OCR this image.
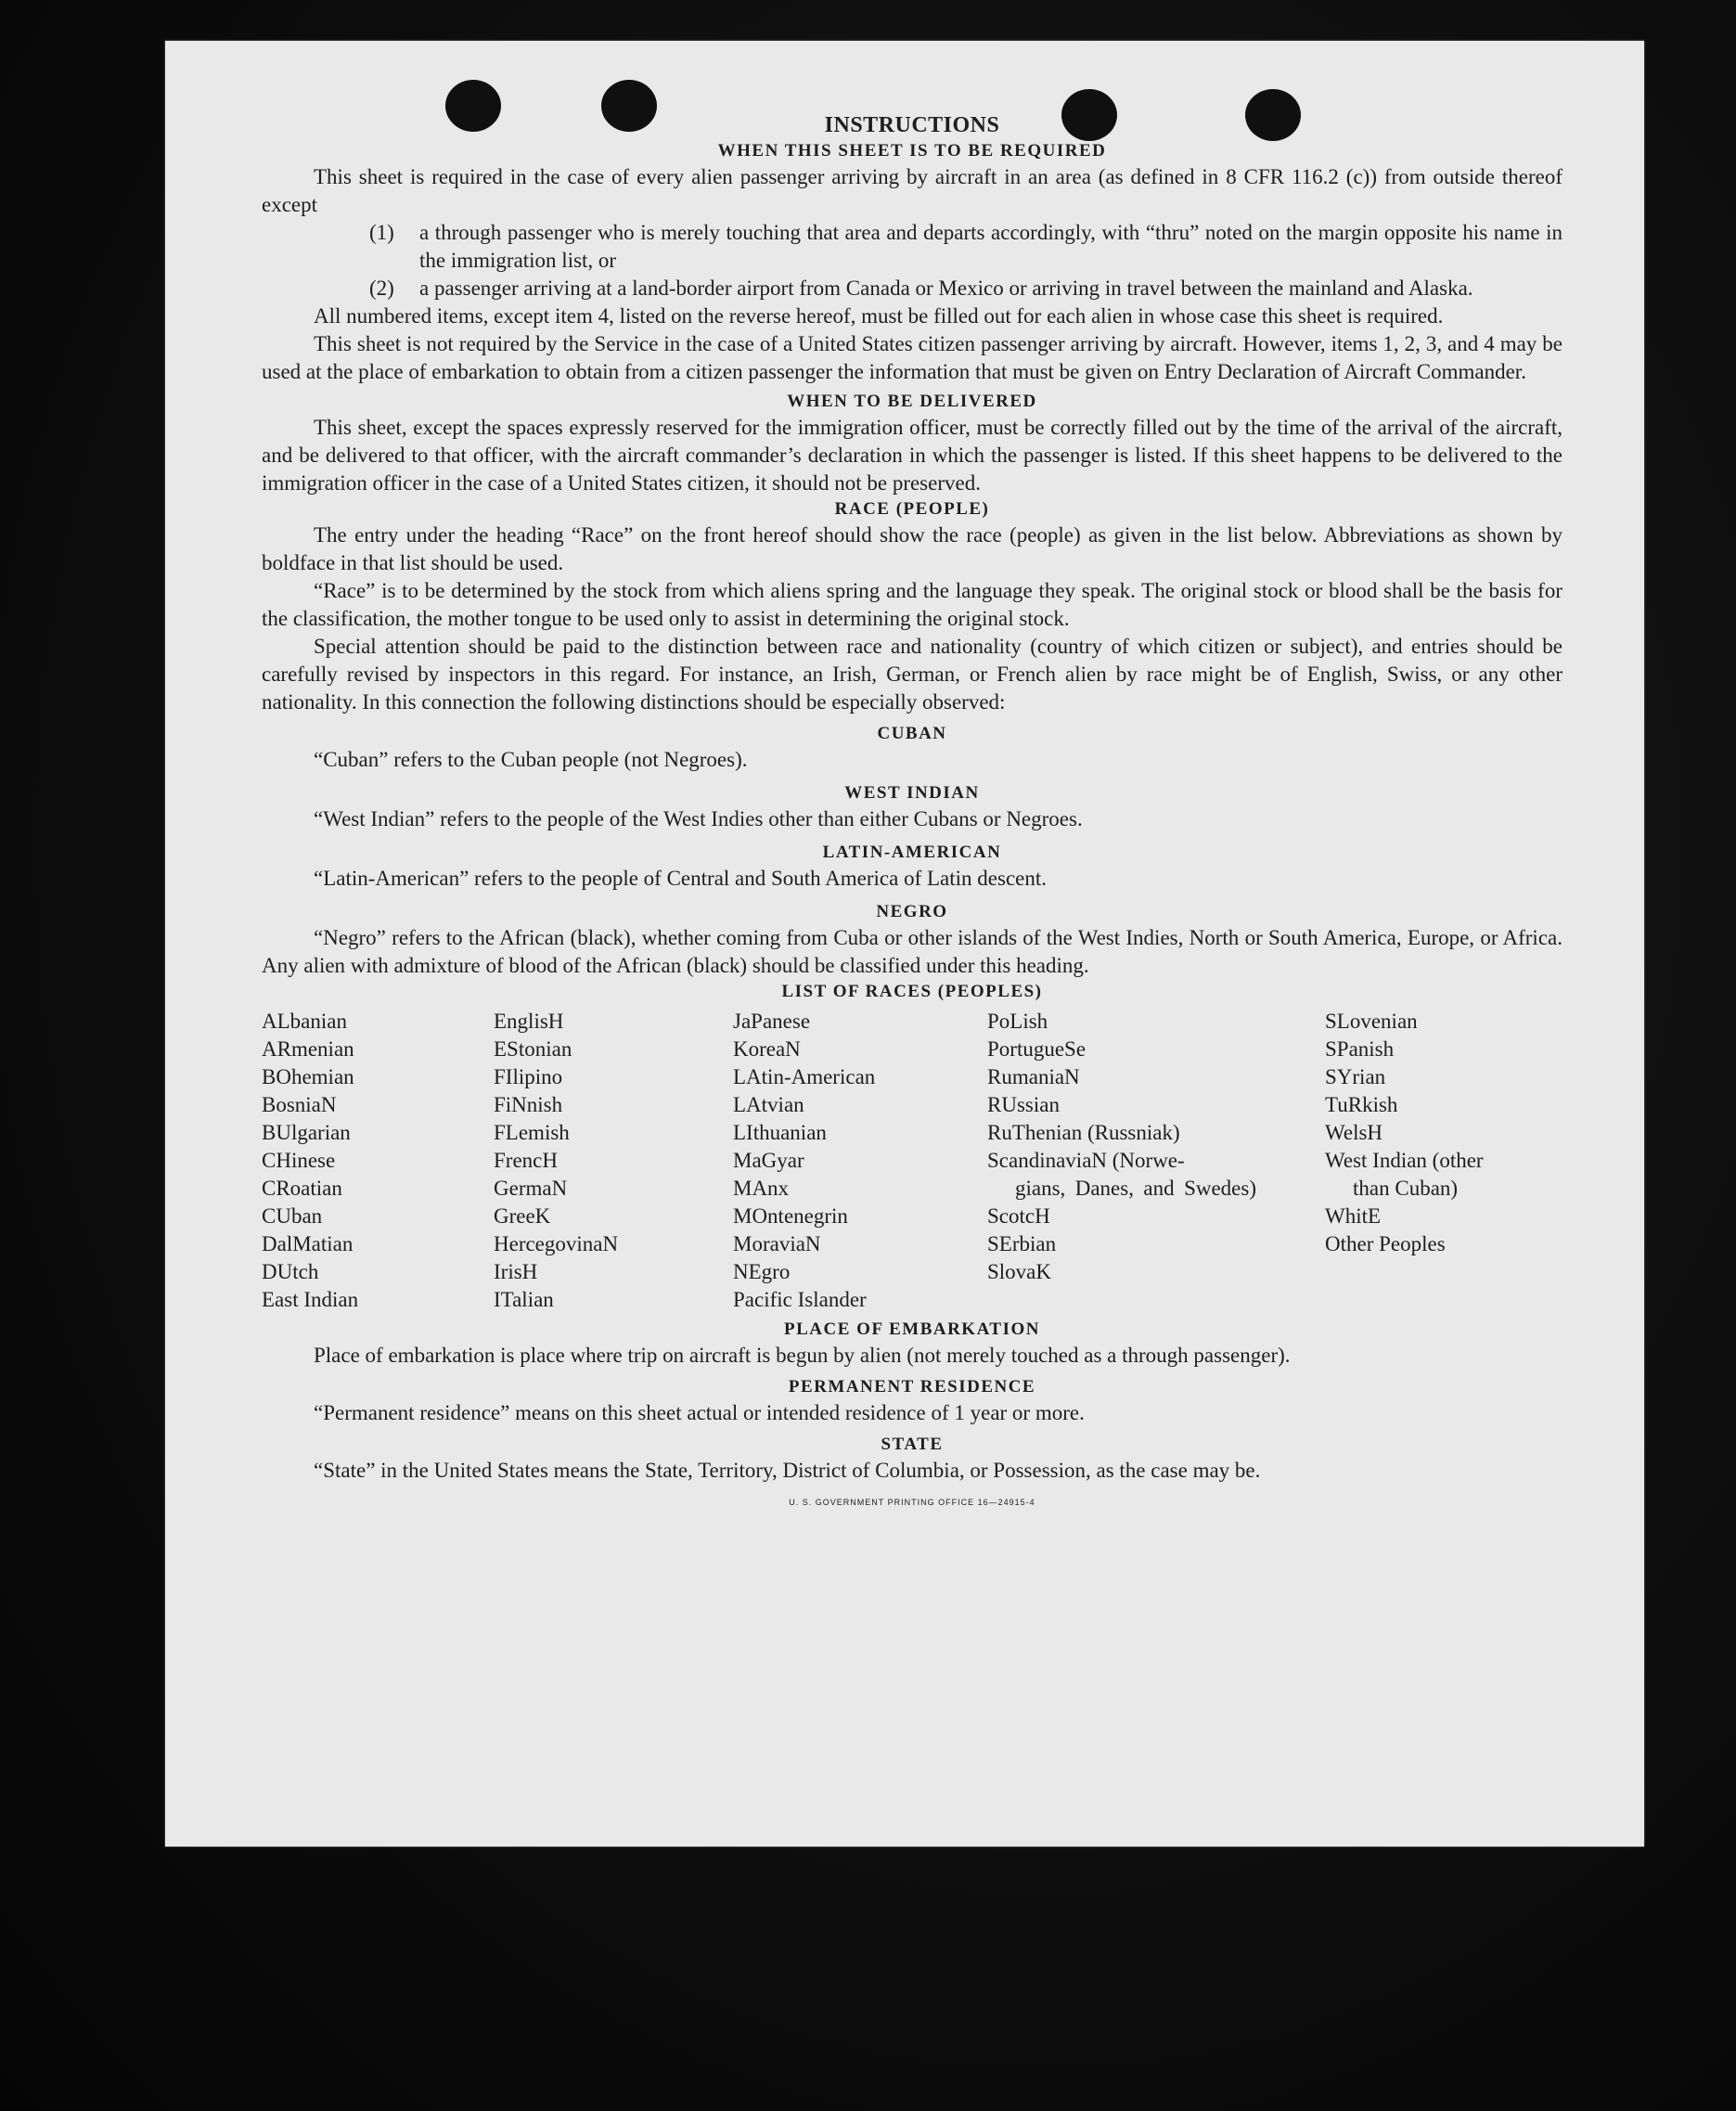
INSTRUCTIONS
WHEN THIS SHEET IS TO BE REQUIRED

This sheet is required in the case of every alien passenger arriving by aircraft in an area (as defined in 8 CFR 116.2 (c)) from outside thereof except

(1)	a through passenger who is merely touching that area and departs accordingly, with “thru” noted on the margin opposite his name in the immigration list, or
(2)	a passenger arriving at a land-border airport from Canada or Mexico or arriving in travel between the mainland and Alaska.

All numbered items, except item 4, listed on the reverse hereof, must be filled out for each alien in whose case this sheet is required.

This sheet is not required by the Service in the case of a United States citizen passenger arriving by aircraft. However, items 1, 2, 3, and 4 may be used at the place of embarkation to obtain from a citizen passenger the information that must be given on Entry Declaration of Aircraft Commander.

WHEN TO BE DELIVERED

This sheet, except the spaces expressly reserved for the immigration officer, must be correctly filled out by the time of the arrival of the aircraft, and be delivered to that officer, with the aircraft commander’s declaration in which the passenger is listed. If this sheet happens to be delivered to the immigration officer in the case of a United States citizen, it should not be preserved.

RACE (PEOPLE)

The entry under the heading “Race” on the front hereof should show the race (people) as given in the list below. Abbreviations as shown by boldface in that list should be used.

“Race” is to be determined by the stock from which aliens spring and the language they speak. The original stock or blood shall be the basis for the classification, the mother tongue to be used only to assist in determining the original stock.

Special attention should be paid to the distinction between race and nationality (country of which citizen or subject), and entries should be carefully revised by inspectors in this regard. For instance, an Irish, German, or French alien by race might be of English, Swiss, or any other nationality. In this connection the following distinctions should be especially observed:

CUBAN

“Cuban” refers to the Cuban people (not Negroes).

WEST INDIAN

“West Indian” refers to the people of the West Indies other than either Cubans or Negroes.

LATIN-AMERICAN

“Latin-American” refers to the people of Central and South America of Latin descent.

NEGRO

“Negro” refers to the African (black), whether coming from Cuba or other islands of the West Indies, North or South America, Europe, or Africa. Any alien with admixture of blood of the African (black) should be classified under this heading.

LIST OF RACES (PEOPLES)
ALbanian
ARmenian
BOhemian
BosniaN
BUlgarian
CHinese
CRoatian
CUban
DalMatian
DUtch
East Indian
EnglisH
EStonian
FIlipino
FiNnish
FLemish
FrencH
GermaN
GreeK
HercegovinaN
IrisH
ITalian
JaPanese
KoreaN
LAtin-American
LAtvian
LIthuanian
MaGyar
MAnx
MOntenegrin
MoraviaN
NEgro
Pacific Islander
PoLish
PortugueSe
RumaniaN
RUssian
RuThenian (Russniak)
ScandinaviaN (Norwe-
gians, Danes, and Swedes)
ScotcH
SErbian
SlovaK
SLovenian
SPanish
SYrian
TuRkish
WelsH
West Indian (other
than Cuban)
WhitE
Other Peoples
PLACE OF EMBARKATION

Place of embarkation is place where trip on aircraft is begun by alien (not merely touched as a through passenger).

PERMANENT RESIDENCE

“Permanent residence” means on this sheet actual or intended residence of 1 year or more.

STATE

“State” in the United States means the State, Territory, District of Columbia, or Possession, as the case may be.

U. S. GOVERNMENT PRINTING OFFICE 16—24915-4
